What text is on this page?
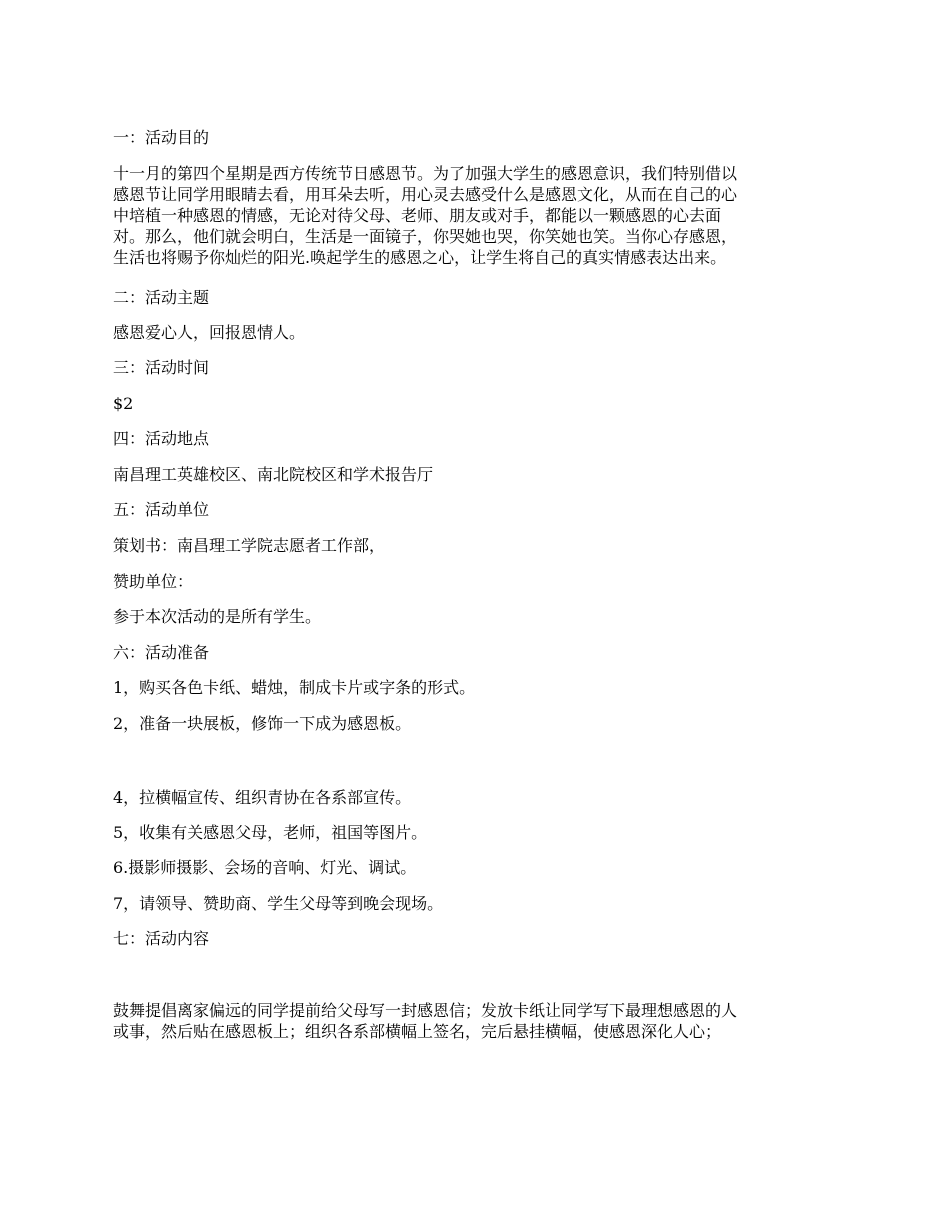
一：活动目的
十一月的第四个星期是西方传统节日感恩节。为了加强大学生的感恩意识，我们特别借以
感恩节让同学用眼睛去看，用耳朵去听，用心灵去感受什么是感恩文化，从而在自己的心
中培植一种感恩的情感，无论对待父母、老师、朋友或对手，都能以一颗感恩的心去面
对。那么，他们就会明白，生活是一面镜子，你哭她也哭，你笑她也笑。当你心存感恩，
生活也将赐予你灿烂的阳光.唤起学生的感恩之心，让学生将自己的真实情感表达出来。
二：活动主题
感恩爱心人，回报恩情人。
三：活动时间
$2
四：活动地点
南昌理工英雄校区、南北院校区和学术报告厅
五：活动单位
策划书：南昌理工学院志愿者工作部，
赞助单位：
参于本次活动的是所有学生。
六：活动准备
1，购买各色卡纸、蜡烛，制成卡片或字条的形式。
2，准备一块展板，修饰一下成为感恩板。
4，拉横幅宣传、组织青协在各系部宣传。
5，收集有关感恩父母，老师，祖国等图片。
6.摄影师摄影、会场的音响、灯光、调试。
7，请领导、赞助商、学生父母等到晚会现场。
七：活动内容
鼓舞提倡离家偏远的同学提前给父母写一封感恩信；发放卡纸让同学写下最理想感恩的人
或事，然后贴在感恩板上；组织各系部横幅上签名，完后悬挂横幅，使感恩深化人心；
